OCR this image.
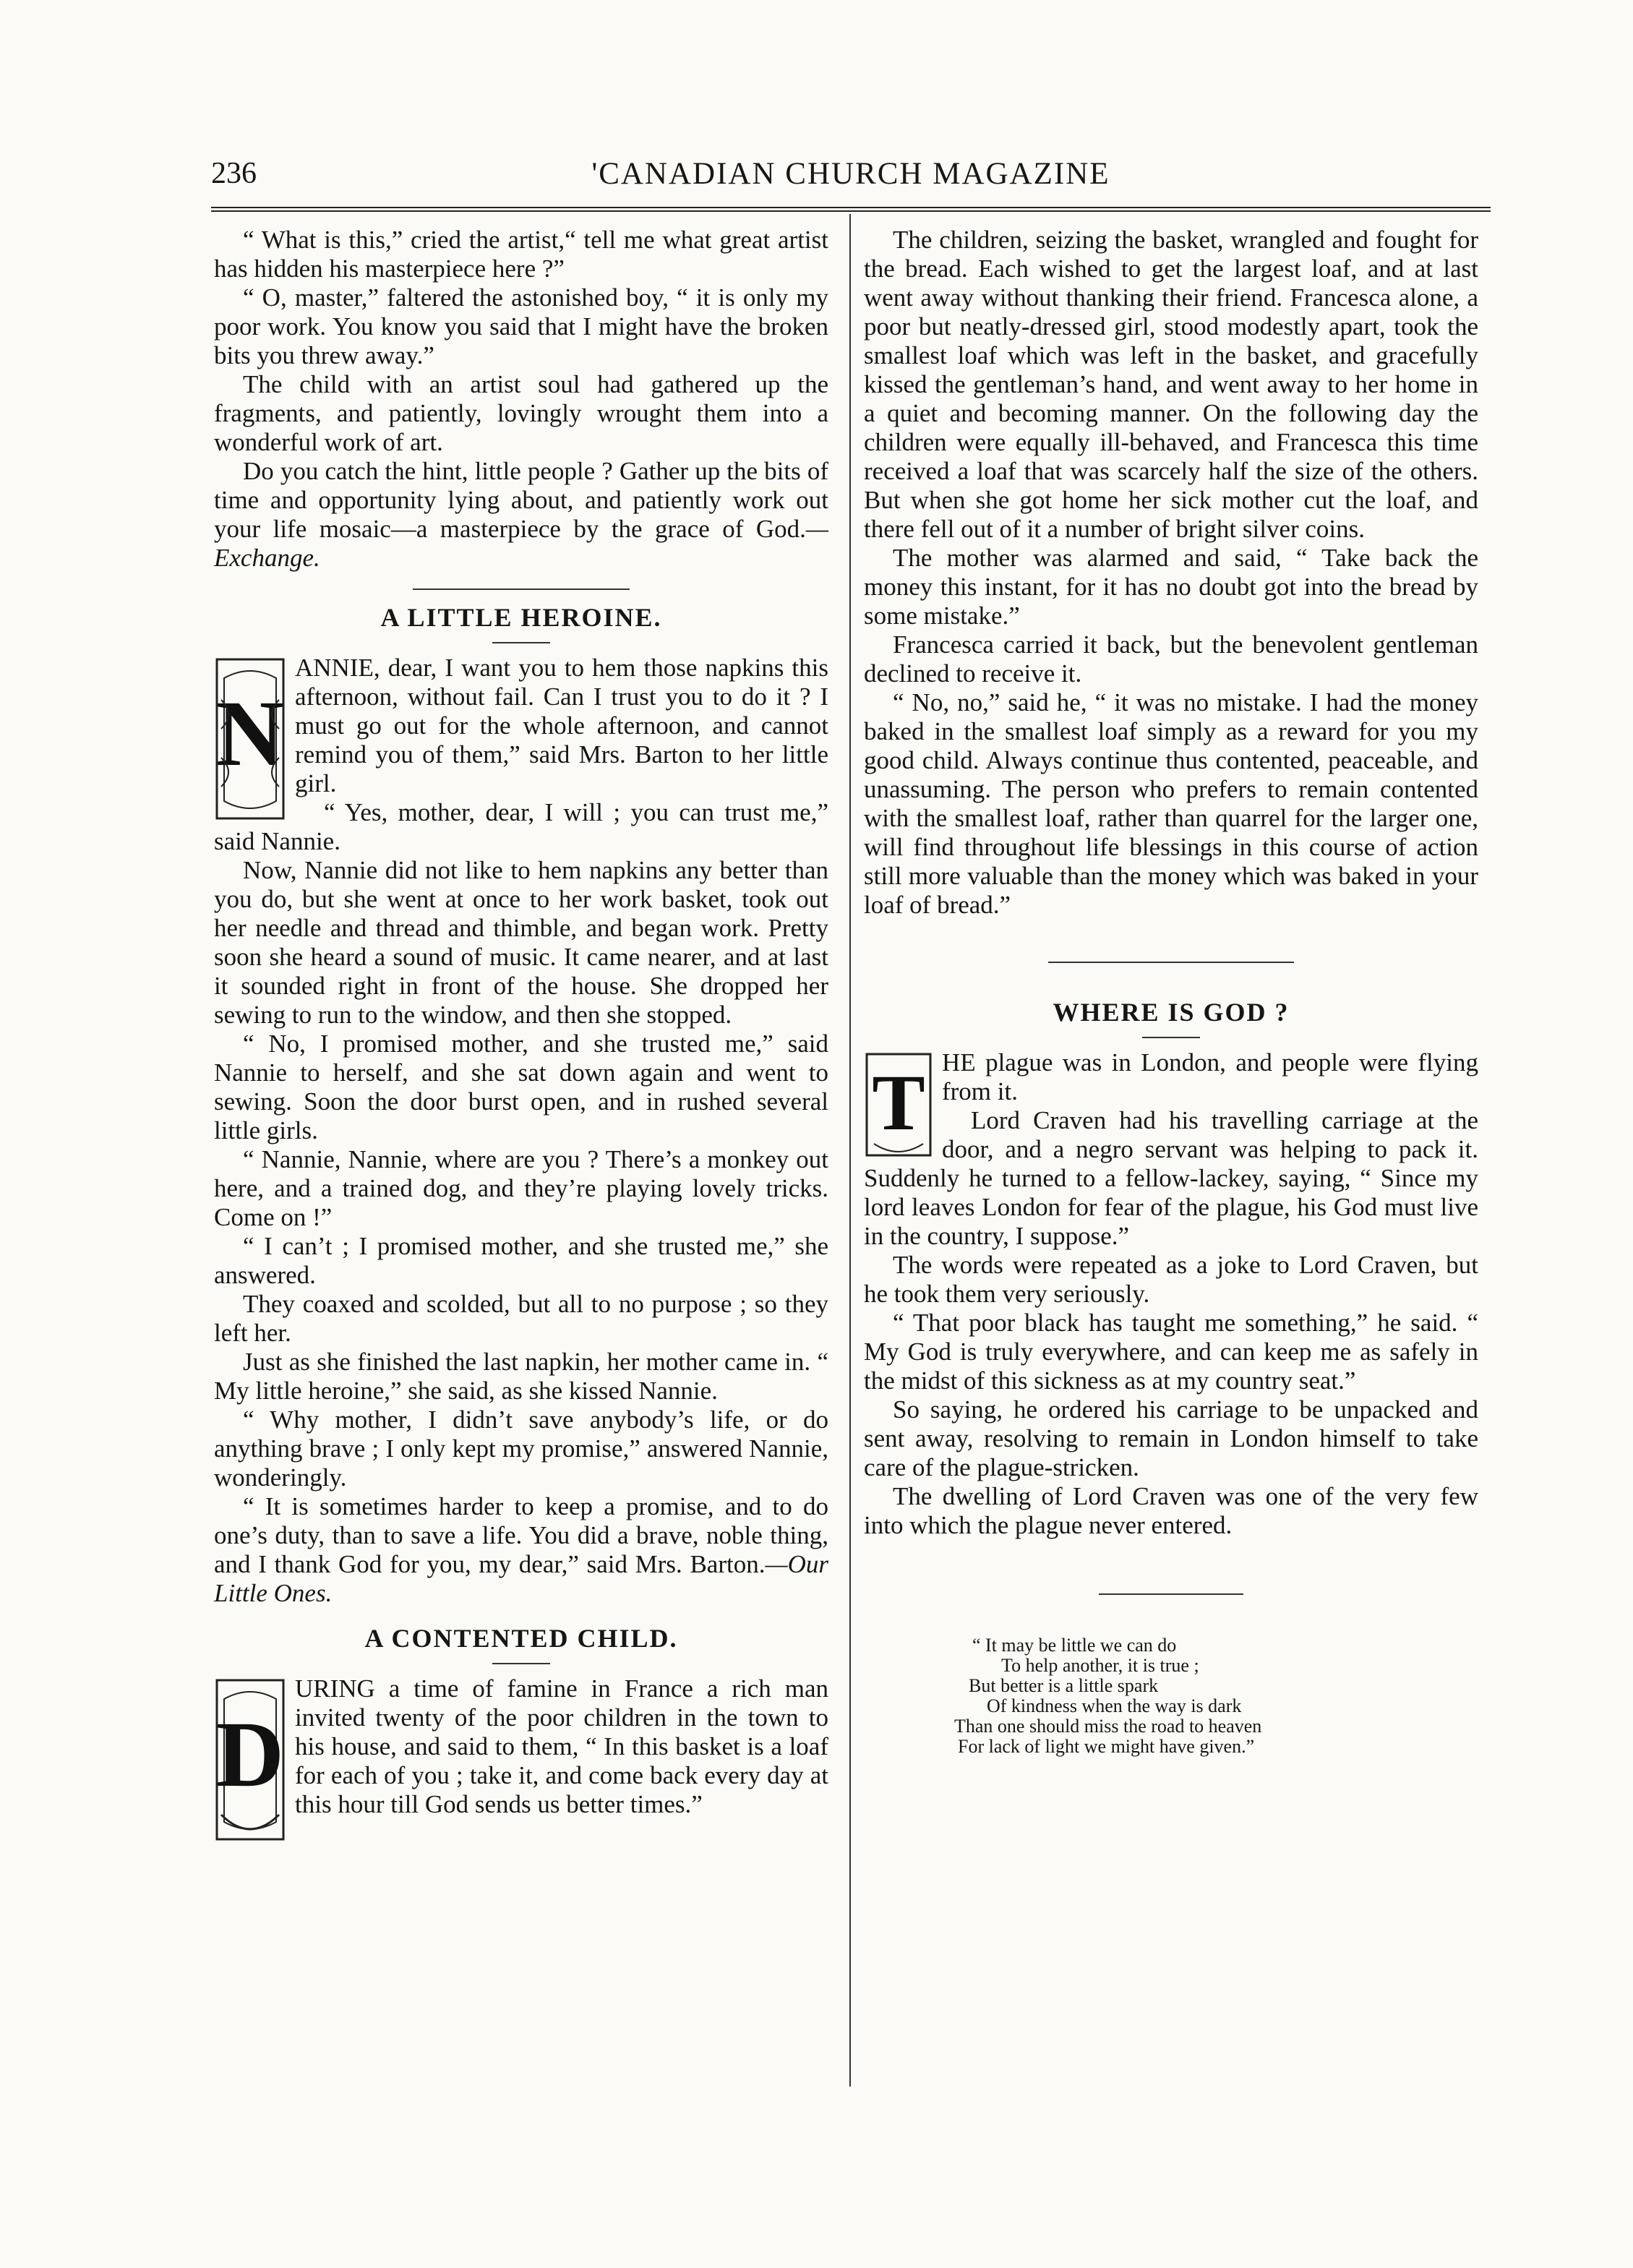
236	'CANADIAN CHURCH MAGAZINE

“ What is this,” cried the artist,“ tell me what great artist has hidden his masterpiece here ?”

“ O, master,” faltered the astonished boy, “ it is only my poor work. You know you said that I might have the broken bits you threw away.”

The child with an artist soul had gathered up the fragments, and patiently, lovingly wrought them into a wonderful work of art.

Do you catch the hint, little people ? Gather up the bits of time and opportunity lying about, and patiently work out your life mosaic—a masterpiece by the grace of God.—Exchange.

A LITTLE HEROINE.

N
ANNIE, dear, I want you to hem those napkins this afternoon, without fail. Can I trust you to do it ? I must go out for the whole afternoon, and cannot remind you of them,” said Mrs. Barton to her little girl.

“ Yes, mother, dear, I will ; you can trust me,” said Nannie.

Now, Nannie did not like to hem napkins any better than you do, but she went at once to her work basket, took out her needle and thread and thimble, and began work. Pretty soon she heard a sound of music. It came nearer, and at last it sounded right in front of the house. She dropped her sewing to run to the window, and then she stopped.

“ No, I promised mother, and she trusted me,” said Nannie to herself, and she sat down again and went to sewing. Soon the door burst open, and in rushed several little girls.

“ Nannie, Nannie, where are you ? There’s a monkey out here, and a trained dog, and they’re playing lovely tricks. Come on !”

“ I can’t ; I promised mother, and she trusted me,” she answered.

They coaxed and scolded, but all to no purpose ; so they left her.

Just as she finished the last napkin, her mother came in. “ My little heroine,” she said, as she kissed Nannie.

“ Why mother, I didn’t save anybody’s life, or do anything brave ; I only kept my promise,” answered Nannie, wonderingly.

“ It is sometimes harder to keep a promise, and to do one’s duty, than to save a life. You did a brave, noble thing, and I thank God for you, my dear,” said Mrs. Barton.—Our Little Ones.

A CONTENTED CHILD.

D
URING a time of famine in France a rich man invited twenty of the poor children in the town to his house, and said to them, “ In this basket is a loaf for each of you ; take it, and come back every day at this hour till God sends us better times.”

The children, seizing the basket, wrangled and fought for the bread. Each wished to get the largest loaf, and at last went away without thanking their friend. Francesca alone, a poor but neatly-dressed girl, stood modestly apart, took the smallest loaf which was left in the basket, and gracefully kissed the gentleman’s hand, and went away to her home in a quiet and becoming manner. On the following day the children were equally ill-behaved, and Francesca this time received a loaf that was scarcely half the size of the others. But when she got home her sick mother cut the loaf, and there fell out of it a number of bright silver coins.

The mother was alarmed and said, “ Take back the money this instant, for it has no doubt got into the bread by some mistake.”

Francesca carried it back, but the benevolent gentleman declined to receive it.

“ No, no,” said he, “ it was no mistake. I had the money baked in the smallest loaf simply as a reward for you my good child. Always continue thus contented, peaceable, and unassuming. The person who prefers to remain contented with the smallest loaf, rather than quarrel for the larger one, will find throughout life blessings in this course of action still more valuable than the money which was baked in your loaf of bread.”

WHERE IS GOD ?

T HE plague was in London, and people were flying from it.

Lord Craven had his travelling carriage at the door, and a negro servant was helping to pack it. Suddenly he turned to a fellow-lackey, saying, “ Since my lord leaves London for fear of the plague, his God must live in the country, I suppose.”

The words were repeated as a joke to Lord Craven, but he took them very seriously.

“ That poor black has taught me something,” he said. “ My God is truly everywhere, and can keep me as safely in the midst of this sickness as at my country seat.”

So saying, he ordered his carriage to be unpacked and sent away, resolving to remain in London himself to take care of the plague-stricken.

The dwelling of Lord Craven was one of the very few into which the plague never entered.

“ It may be little we can do
To help another, it is true ;
But better is a little spark
Of kindness when the way is dark
Than one should miss the road to heaven
For lack of light we might have given.”
